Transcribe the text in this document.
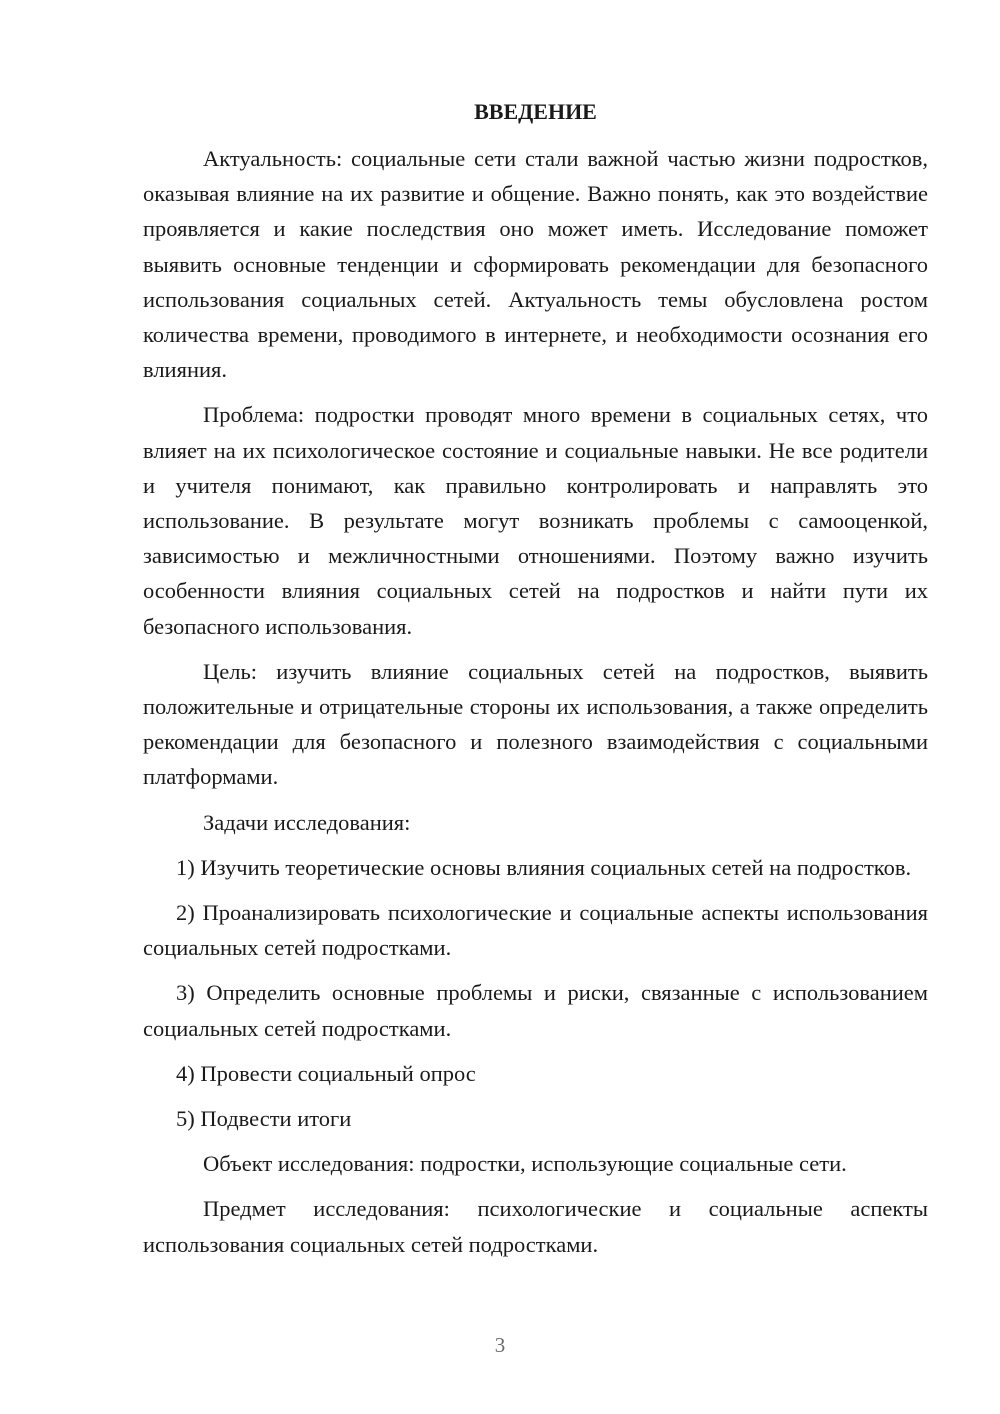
ВВЕДЕНИЕ
Актуальность: социальные сети стали важной частью жизни подростков, оказывая влияние на их развитие и общение. Важно понять, как это воздействие проявляется и какие последствия оно может иметь. Исследование поможет выявить основные тенденции и сформировать рекомендации для безопасного использования социальных сетей. Актуальность темы обусловлена ростом количества времени, проводимого в интернете, и необходимости осознания его влияния.
Проблема: подростки проводят много времени в социальных сетях, что влияет на их психологическое состояние и социальные навыки. Не все родители и учителя понимают, как правильно контролировать и направлять это использование. В результате могут возникать проблемы с самооценкой, зависимостью и межличностными отношениями. Поэтому важно изучить особенности влияния социальных сетей на подростков и найти пути их безопасного использования.
Цель: изучить влияние социальных сетей на подростков, выявить положительные и отрицательные стороны их использования, а также определить рекомендации для безопасного и полезного взаимодействия с социальными платформами.
Задачи исследования:
1) Изучить теоретические основы влияния социальных сетей на подростков.
2) Проанализировать психологические и социальные аспекты использования социальных сетей подростками.
3) Определить основные проблемы и риски, связанные с использованием социальных сетей подростками.
4) Провести социальный опрос
5) Подвести итоги
Объект исследования: подростки, использующие социальные сети.
Предмет исследования: психологические и социальные аспекты использования социальных сетей подростками.
3
